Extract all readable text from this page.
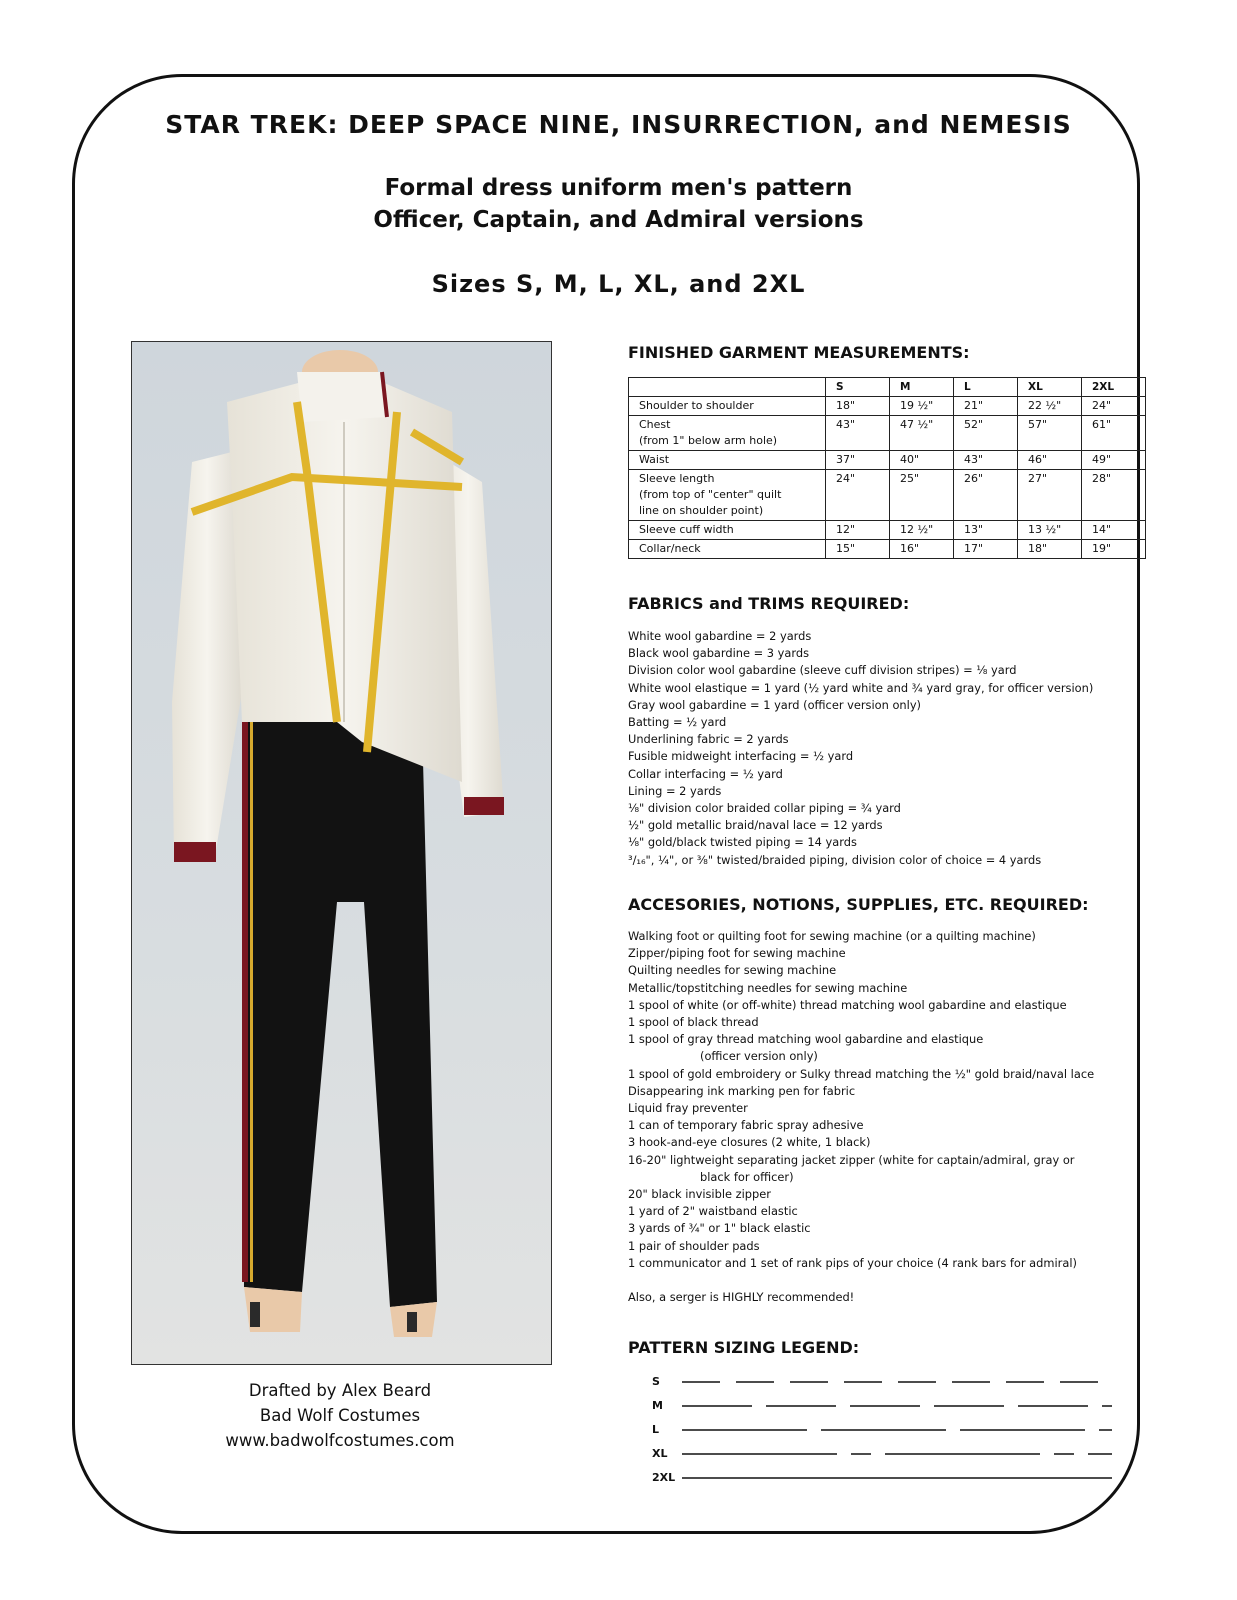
STAR TREK: DEEP SPACE NINE, INSURRECTION, and NEMESIS
Formal dress uniform men's pattern
Officer, Captain, and Admiral versions
Sizes S, M, L, XL, and 2XL
Drafted by Alex Beard
Bad Wolf Costumes
www.badwolfcostumes.com
FINISHED GARMENT MEASUREMENTS:
	S	M	L	XL	2XL

Shoulder to shoulder	18"	19 ½"	21"	22 ½"	24"

Chest
(from 1" below arm hole)	43"	47 ½"	52"	57"	61"

Waist	37"	40"	43"	46"	49"

Sleeve length
(from top of "center" quilt
line on shoulder point)	24"	25"	26"	27"	28"

Sleeve cuff width	12"	12 ½"	13"	13 ½"	14"

Collar/neck	15"	16"	17"	18"	19"
FABRICS and TRIMS REQUIRED:
White wool gabardine = 2 yards
Black wool gabardine = 3 yards
Division color wool gabardine (sleeve cuff division stripes) = ⅛ yard
White wool elastique = 1 yard (½ yard white and ¾ yard gray, for officer version)
Gray wool gabardine = 1 yard (officer version only)
Batting = ½ yard
Underlining fabric = 2 yards
Fusible midweight interfacing = ½ yard
Collar interfacing = ½ yard
Lining = 2 yards
⅛" division color braided collar piping = ¾ yard
½" gold metallic braid/naval lace = 12 yards
⅛" gold/black twisted piping = 14 yards
³/₁₆", ¼", or ⅜" twisted/braided piping, division color of choice = 4 yards
ACCESORIES, NOTIONS, SUPPLIES, ETC. REQUIRED:
Walking foot or quilting foot for sewing machine (or a quilting machine)
Zipper/piping foot for sewing machine
Quilting needles for sewing machine
Metallic/topstitching needles for sewing machine
1 spool of white (or off-white) thread matching wool gabardine and elastique
1 spool of black thread
1 spool of gray thread matching wool gabardine and elastique
(officer version only)
1 spool of gold embroidery or Sulky thread matching the ½" gold braid/naval lace
Disappearing ink marking pen for fabric
Liquid fray preventer
1 can of temporary fabric spray adhesive
3 hook-and-eye closures (2 white, 1 black)
16-20" lightweight separating jacket zipper (white for captain/admiral, gray or
black for officer)
20" black invisible zipper
1 yard of 2" waistband elastic
3 yards of ¾" or 1" black elastic
1 pair of shoulder pads
1 communicator and 1 set of rank pips of your choice (4 rank bars for admiral)
Also, a serger is HIGHLY recommended!
PATTERN SIZING LEGEND:
S
M
L
XL
2XL
